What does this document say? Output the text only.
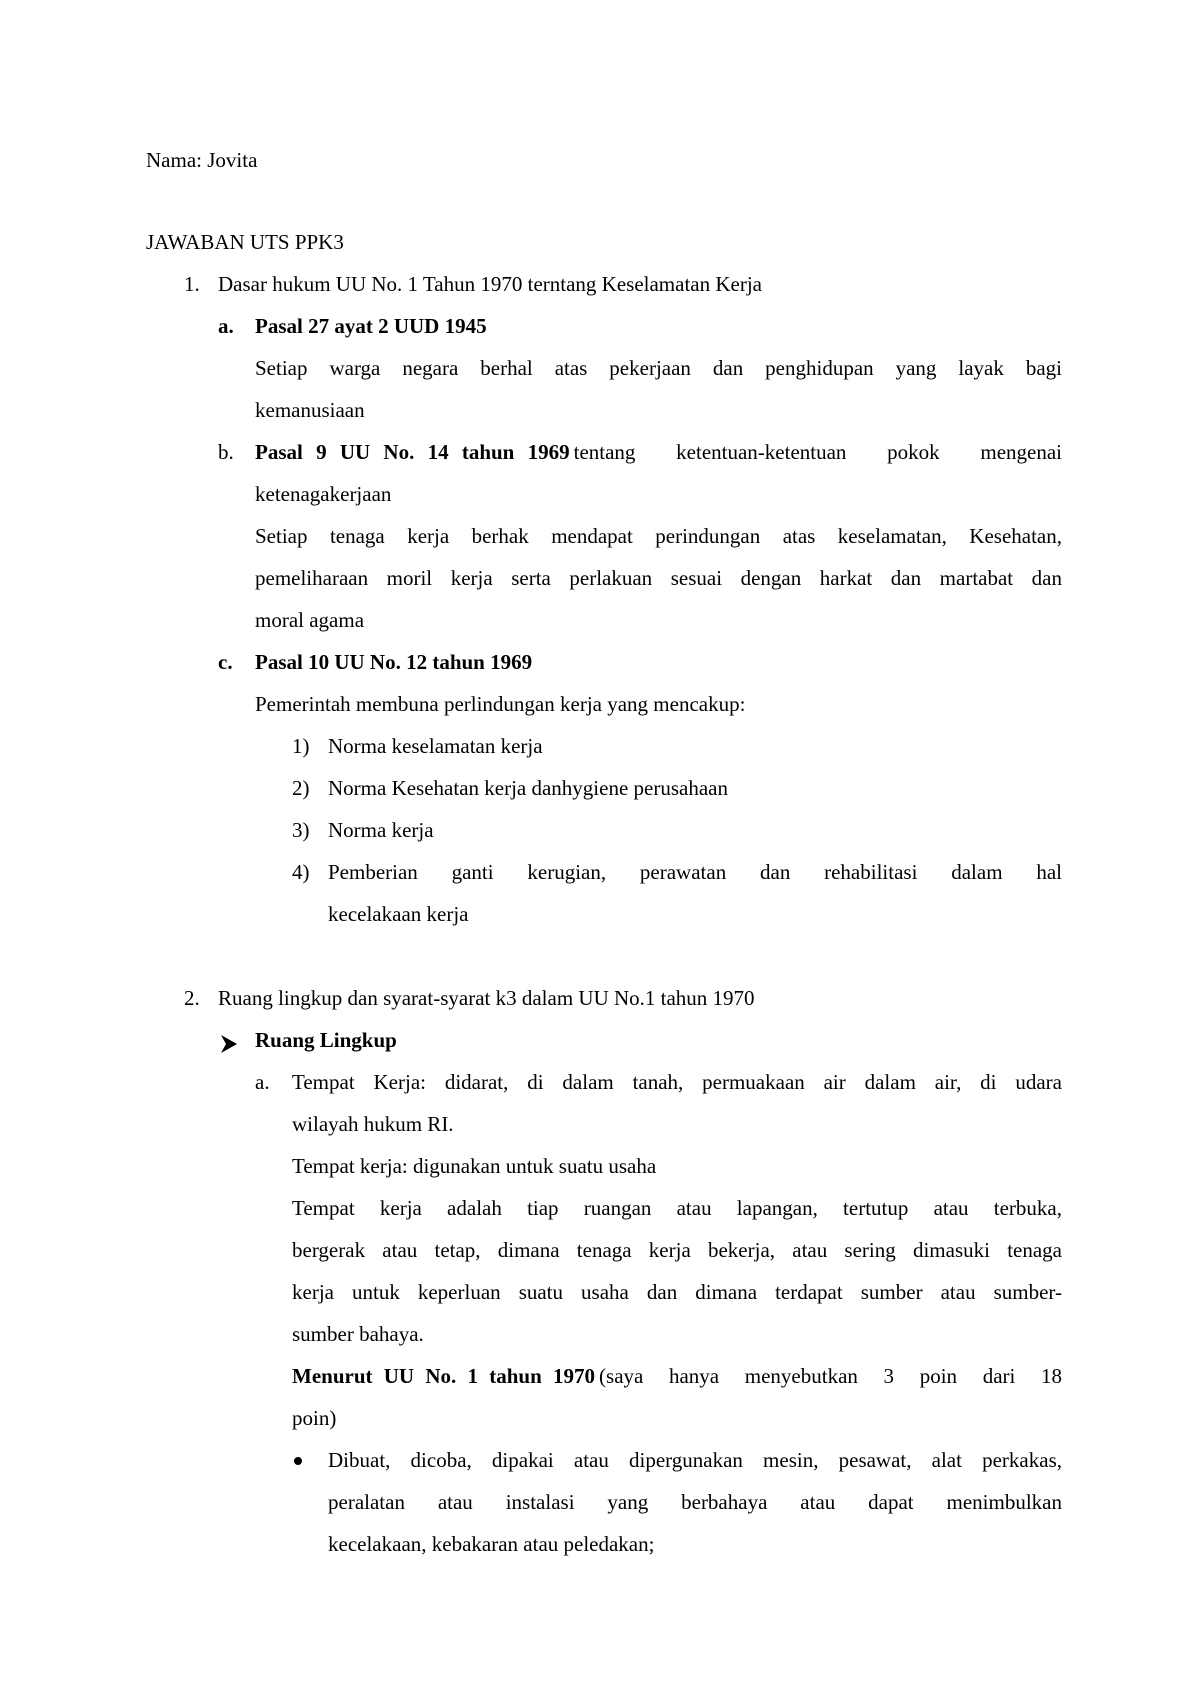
Nama: Jovita
JAWABAN UTS PPK3
1. Dasar hukum UU No. 1 Tahun 1970 terntang Keselamatan Kerja
a. Pasal 27 ayat 2 UUD 1945
Setiap warga negara berhal atas pekerjaan dan penghidupan yang layak bagi
kemanusiaan
b. Pasal 9 UU No. 14 tahun 1969 tentang ketentuan-ketentuan pokok mengenai
ketenagakerjaan
Setiap tenaga kerja berhak mendapat perindungan atas keselamatan, Kesehatan,
pemeliharaan moril kerja serta perlakuan sesuai dengan harkat dan martabat dan
moral agama
c. Pasal 10 UU No. 12 tahun 1969
Pemerintah membuna perlindungan kerja yang mencakup:
1) Norma keselamatan kerja
2) Norma Kesehatan kerja danhygiene perusahaan
3) Norma kerja
4) Pemberian ganti kerugian, perawatan dan rehabilitasi dalam hal
kecelakaan kerja
2. Ruang lingkup dan syarat-syarat k3 dalam UU No.1 tahun 1970
Ruang Lingkup
a. Tempat Kerja: didarat, di dalam tanah, permuakaan air dalam air, di udara
wilayah hukum RI.
Tempat kerja: digunakan untuk suatu usaha
Tempat kerja adalah tiap ruangan atau lapangan, tertutup atau terbuka,
bergerak atau tetap, dimana tenaga kerja bekerja, atau sering dimasuki tenaga
kerja untuk keperluan suatu usaha dan dimana terdapat sumber atau sumber-
sumber bahaya.
Menurut UU No. 1 tahun 1970 (saya hanya menyebutkan 3 poin dari 18
poin)
Dibuat, dicoba, dipakai atau dipergunakan mesin, pesawat, alat perkakas,
peralatan atau instalasi yang berbahaya atau dapat menimbulkan
kecelakaan, kebakaran atau peledakan;
